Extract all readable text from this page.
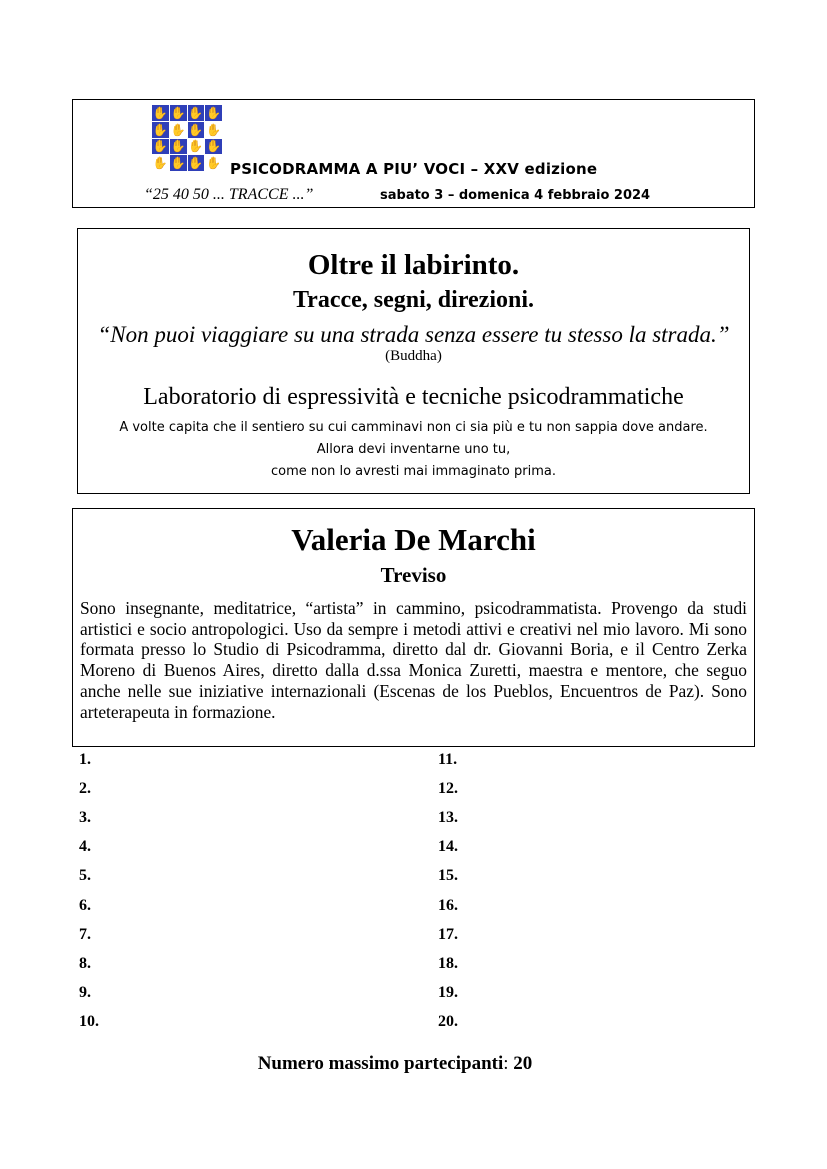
✋ ✋ ✋ ✋
✋ ✋ ✋ ✋
✋ ✋ ✋ ✋
✋ ✋ ✋ ✋ PSICODRAMMA A PIU’ VOCI – XXV edizione
“25 40 50 ... TRACCE ...”	sabato 3 – domenica 4 febbraio 2024
Oltre il labirinto.
Tracce, segni, direzioni.
“Non puoi viaggiare su una strada senza essere tu stesso la strada.”
(Buddha)
Laboratorio di espressività e tecniche psicodrammatiche
A volte capita che il sentiero su cui camminavi non ci sia più e tu non sappia dove andare.
Allora devi inventarne uno tu,
come non lo avresti mai immaginato prima.
Valeria De Marchi
Treviso
Sono insegnante, meditatrice, “artista” in cammino, psicodrammatista. Provengo da studi artistici e socio antropologici. Uso da sempre i metodi attivi e creativi nel mio lavoro. Mi sono formata presso lo Studio di Psicodramma, diretto dal dr. Giovanni Boria, e il Centro Zerka Moreno di Buenos Aires, diretto dalla d.ssa Monica Zuretti, maestra e mentore, che seguo anche nelle sue iniziative internazionali (Escenas de los Pueblos, Encuentros de Paz). Sono arteterapeuta in formazione.
1.
2.
3.
4.
5.
6.
7.
8.
9.
10.
11.
12.
13.
14.
15.
16.
17.
18.
19.
20.
Numero massimo partecipanti: 20
